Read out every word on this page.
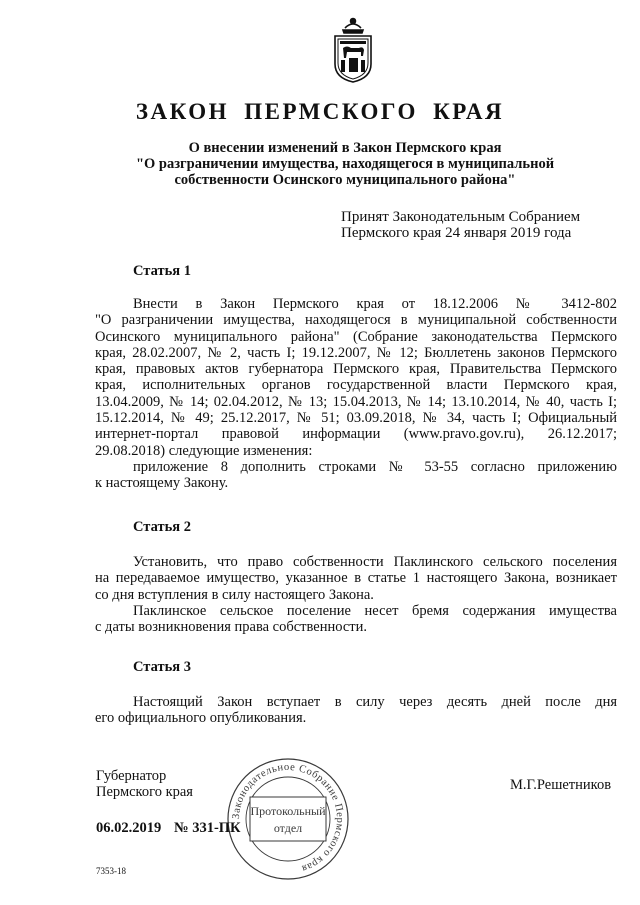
ЗАКОН ПЕРМСКОГО КРАЯ
О внесении изменений в Закон Пермского края
"О разграничении имущества, находящегося в муниципальной
собственности Осинского муниципального района"
Принят Законодательным Собранием
Пермского края 24 января 2019 года
Статья 1

Внести в Закон Пермского края от 18.12.2006 № 3412-802

"О разграничении имущества, находящегося в муниципальной собственности

Осинского муниципального района" (Собрание законодательства Пермского

края, 28.02.2007, № 2, часть I; 19.12.2007, № 12; Бюллетень законов Пермского

края, правовых актов губернатора Пермского края, Правительства Пермского

края, исполнительных органов государственной власти Пермского края,

13.04.2009, № 14; 02.04.2012, № 13; 15.04.2013, № 14; 13.10.2014, № 40, часть I;

15.12.2014, № 49; 25.12.2017, № 51; 03.09.2018, № 34, часть I; Официальный

интернет-портал правовой информации (www.pravo.gov.ru), 26.12.2017;

29.08.2018) следующие изменения:

приложение 8 дополнить строками № 53-55 согласно приложению

к настоящему Закону.

Статья 2

Установить, что право собственности Паклинского сельского поселения

на передаваемое имущество, указанное в статье 1 настоящего Закона, возникает

со дня вступления в силу настоящего Закона.

Паклинское сельское поселение несет бремя содержания имущества

с даты возникновения права собственности.

Статья 3

Настоящий Закон вступает в силу через десять дней после дня

его официального опубликования.

Законодательное Собрание Пермского края
Протокольный
отдел
Губернатор
Пермского края	М.Г.Решетников
06.02.2019 № 331-ПК
7353-18
